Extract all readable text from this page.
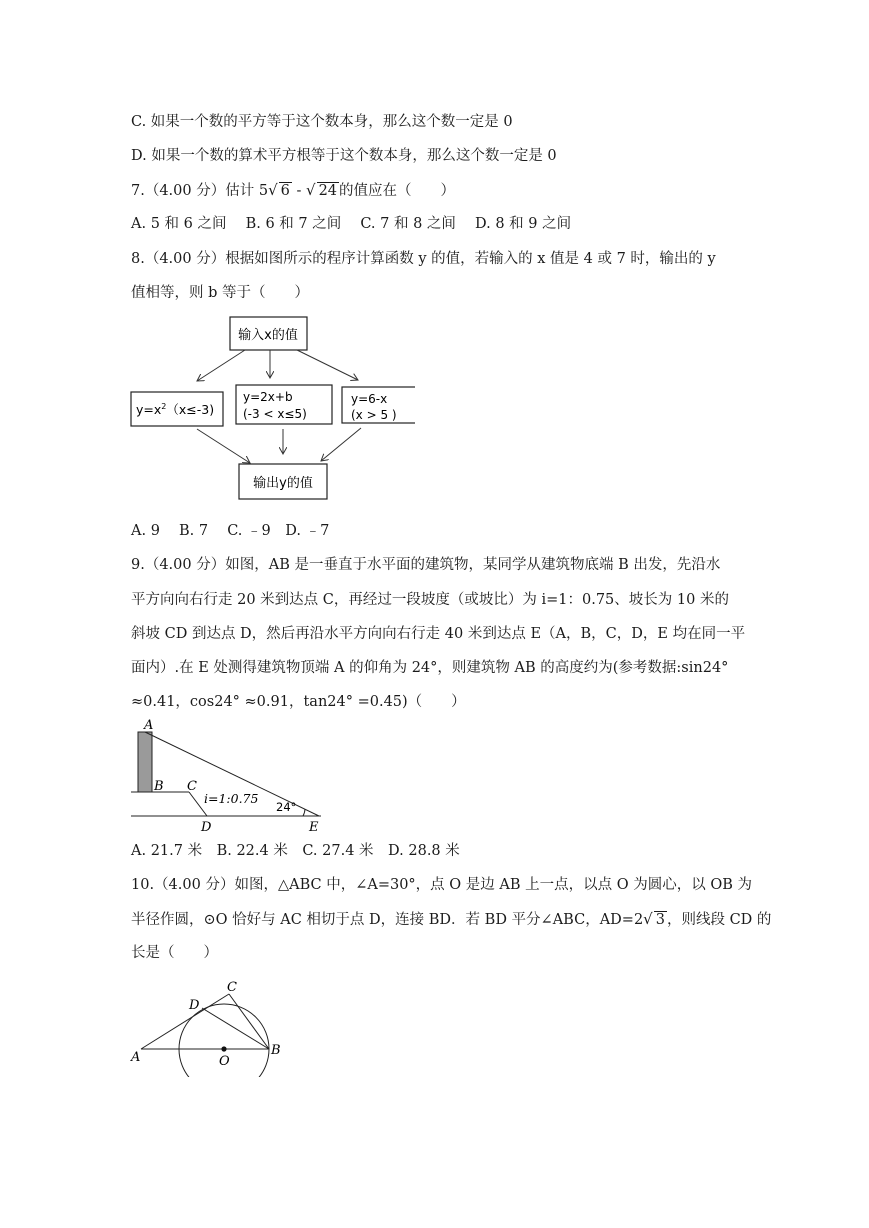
C. 如果一个数的平方等于这个数本身，那么这个数一定是 0
D. 如果一个数的算术平方根等于这个数本身，那么这个数一定是 0
7.（4.00 分）估计 5√ 6 - √ 24 的值应在（　　）
A. 5 和 6 之间　 B. 6 和 7 之间　 C. 7 和 8 之间　 D. 8 和 9 之间
8.（4.00 分）根据如图所示的程序计算函数 y 的值，若输入的 x 值是 4 或 7 时，输出的 y
值相等，则 b 等于（　　）
输入x的值
$y=x^2(x\le-3)$
y=2x+b
(-3 < x≤5)
y=6-x
(x > 5 )
输出y的值
A. 9　 B. 7　 C. ﹣9　D. ﹣7
9.（4.00 分）如图，AB 是一垂直于水平面的建筑物，某同学从建筑物底端 B 出发，先沿水
平方向向右行走 20 米到达点 C，再经过一段坡度（或坡比）为 i=1：0.75、坡长为 10 米的
斜坡 CD 到达点 D，然后再沿水平方向向右行走 40 米到达点 E（A，B，C，D，E 均在同一平
面内）.在 E 处测得建筑物顶端 A 的仰角为 24°，则建筑物 AB 的高度约为(参考数据:sin24°
≈0.41，cos24° ≈0.91，tan24° =0.45)（　　）
A
B C
D	E
i=1:0.75
24°
A. 21.7 米　B. 22.4 米　C. 27.4 米　D. 28.8 米
10.（4.00 分）如图，△ABC 中，∠A=30°，点 O 是边 AB 上一点，以点 O 为圆心，以 OB 为
半径作圆，⊙O 恰好与 AC 相切于点 D，连接 BD．若 BD 平分∠ABC，AD=2√ 3 ，则线段 CD 的
长是（　　）
A	B
C
D
O
